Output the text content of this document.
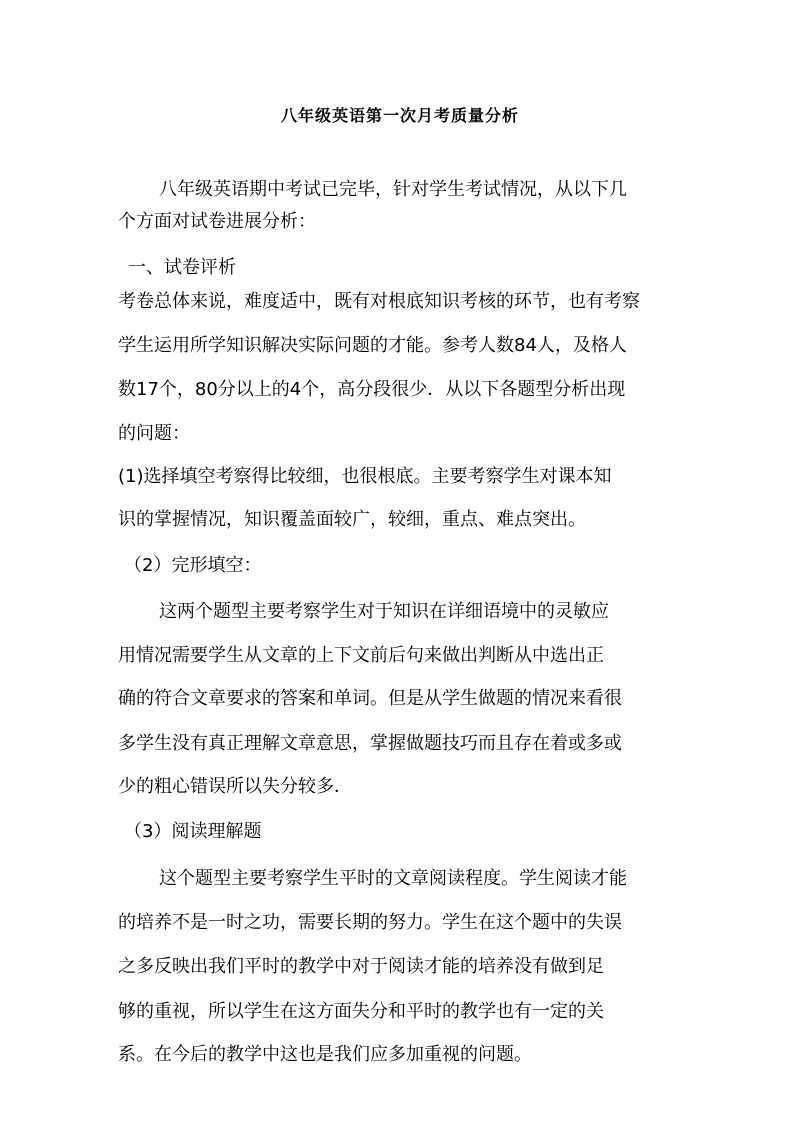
八年级英语第一次月考质量分析
八年级英语期中考试已完毕，针对学生考试情况，从以下几
个方面对试卷进展分析：
一、试卷评析
考卷总体来说，难度适中，既有对根底知识考核的环节，也有考察
学生运用所学知识解决实际问题的才能。参考人数84人，及格人
数17个，80分以上的4个，高分段很少．从以下各题型分析出现
的问题：
(1)选择填空考察得比较细，也很根底。主要考察学生对课本知
识的掌握情况，知识覆盖面较广，较细，重点、难点突出。
（2）完形填空：
这两个题型主要考察学生对于知识在详细语境中的灵敏应
用情况需要学生从文章的上下文前后句来做出判断从中选出正
确的符合文章要求的答案和单词。但是从学生做题的情况来看很
多学生没有真正理解文章意思，掌握做题技巧而且存在着或多或
少的粗心错误所以失分较多．
（3）阅读理解题
这个题型主要考察学生平时的文章阅读程度。学生阅读才能
的培养不是一时之功，需要长期的努力。学生在这个题中的失误
之多反映出我们平时的教学中对于阅读才能的培养没有做到足
够的重视，所以学生在这方面失分和平时的教学也有一定的关
系。在今后的教学中这也是我们应多加重视的问题。
